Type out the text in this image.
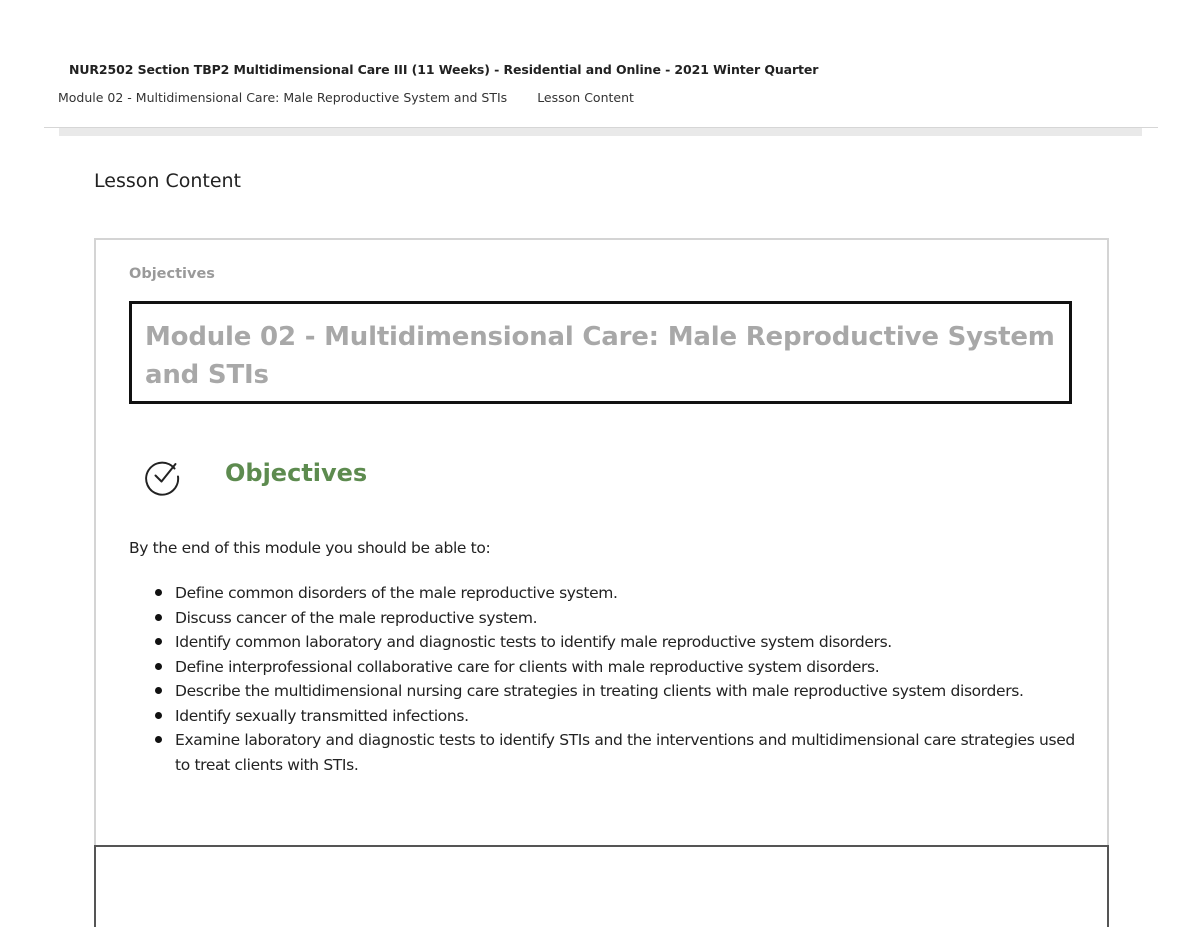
NUR2502 Section TBP2 Multidimensional Care III (11 Weeks) - Residential and Online - 2021 Winter Quarter
Module 02 - Multidimensional Care: Male Reproductive System and STIs Lesson Content
Lesson Content
Objectives
Module 02 - Multidimensional Care: Male Reproductive System and STIs
Objectives

By the end of this module you should be able to:

Define common disorders of the male reproductive system.
Discuss cancer of the male reproductive system.
Identify common laboratory and diagnostic tests to identify male reproductive system disorders.
Define interprofessional collaborative care for clients with male reproductive system disorders.
Describe the multidimensional nursing care strategies in treating clients with male reproductive system disorders.
Identify sexually transmitted infections.
Examine laboratory and diagnostic tests to identify STIs and the interventions and multidimensional care strategies used to treat clients with STIs.
